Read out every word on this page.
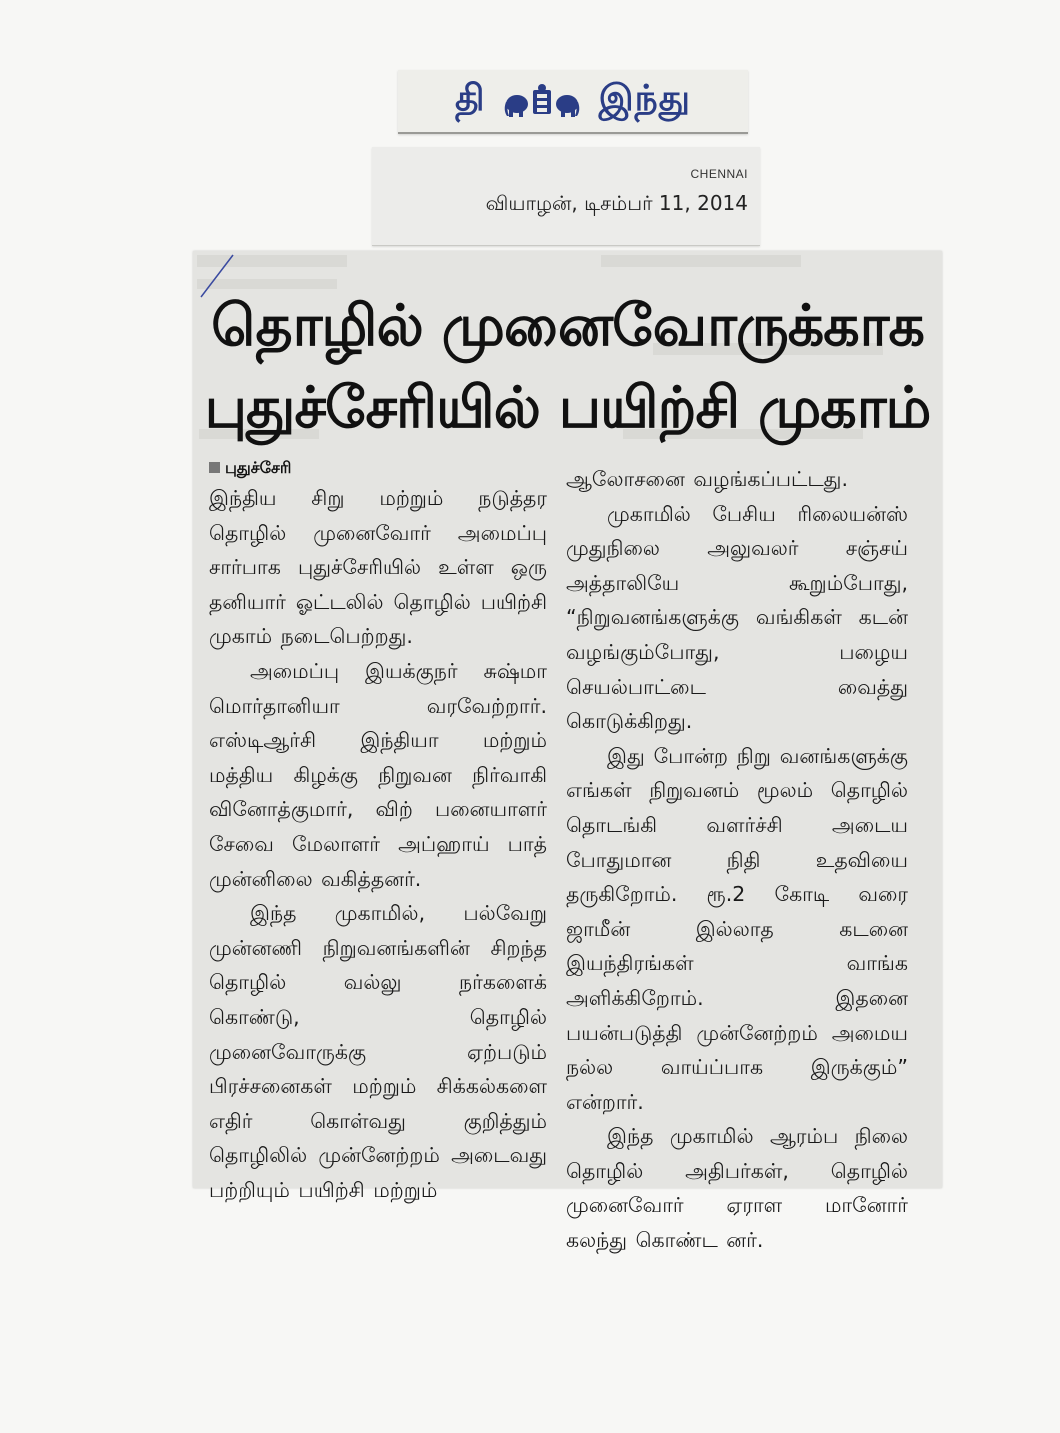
தி	இந்து
CHENNAI
வியாழன், டிசம்பர் 11, 2014
தொழில் முனைவோருக்காக
புதுச்சேரியில் பயிற்சி முகாம்
புதுச்சேரி

இந்திய சிறு மற்றும் நடுத்தர தொழில் முனைவோர் அமைப்பு சார்பாக புதுச்சேரியில் உள்ள ஒரு தனியார் ஓட்டலில் தொழில் பயிற்சி முகாம் நடைபெற்றது.

அமைப்பு இயக்குநர் சுஷ்மா மொர்தானியா வரவேற்றார். எஸ்டிஆர்சி இந்தியா மற்றும் மத்திய கிழக்கு நிறுவன நிர்வாகி வினோத்குமார், விற் பனையாளர் சேவை மேலாளர் அப்ஹாய் பாத் முன்னிலை வகித்தனர்.

இந்த முகாமில், பல்வேறு முன்னணி நிறுவனங்களின் சிறந்த தொழில் வல்லு நர்களைக் கொண்டு, தொழில் முனைவோருக்கு ஏற்படும் பிரச்சனைகள் மற்றும் சிக்கல்களை எதிர் கொள்வது குறித்தும் தொழிலில் முன்னேற்றம் அடைவது பற்றியும் பயிற்சி மற்றும்

ஆலோசனை வழங்கப்பட்டது.

முகாமில் பேசிய ரிலையன்ஸ் முதுநிலை அலுவலர் சஞ்சய் அத்தாலியே கூறும்போது, “நிறுவனங்களுக்கு வங்கிகள் கடன் வழங்கும்போது, பழைய செயல்பாட்டை வைத்து கொடுக்கிறது.

இது போன்ற நிறு வனங்களுக்கு எங்கள் நிறுவனம் மூலம் தொழில் தொடங்கி வளர்ச்சி அடைய போதுமான நிதி உதவியை தருகிறோம். ரூ.2 கோடி வரை ஜாமீன் இல்லாத கடனை இயந்திரங்கள் வாங்க அளிக்கிறோம். இதனை பயன்படுத்தி முன்னேற்றம் அமைய நல்ல வாய்ப்பாக இருக்கும்” என்றார்.

இந்த முகாமில் ஆரம்ப நிலை தொழில் அதிபர்கள், தொழில் முனைவோர் ஏராள மானோர் கலந்து கொண்ட னர்.
